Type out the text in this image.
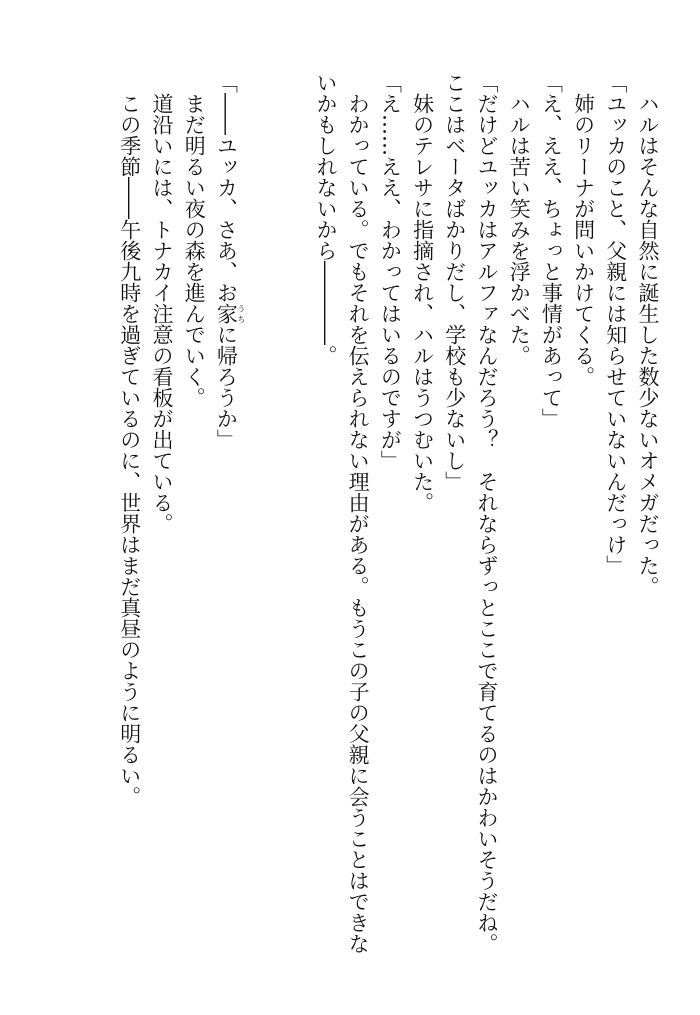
ハルはそんな自然に誕生した数少ないオメガだった。
「ユッカのこと、父親には知らせていないんだっけ」
姉のリーナが問いかけてくる。
「え、ええ、ちょっと事情があって」
ハルは苦い笑みを浮かべた。
「だけどユッカはアルファなんだろう？　それならずっとここで育てるのはかわいそうだね。
ここはベータばかりだし、学校も少ないし」
妹のテレサに指摘され、ハルはうつむいた。
「え……ええ、わかってはいるのですが」
わかっている。でもそれを伝えられない理由がある。もうこの子の父親に会うことはできな
いかもしれないから――――。
「――ユッカ、さあ、お家うちに帰ろうか」
まだ明るい夜の森を進んでいく。
道沿いには、トナカイ注意の看板が出ている。
この季節――午後九時を過ぎているのに、世界はまだ真昼のように明るい。
